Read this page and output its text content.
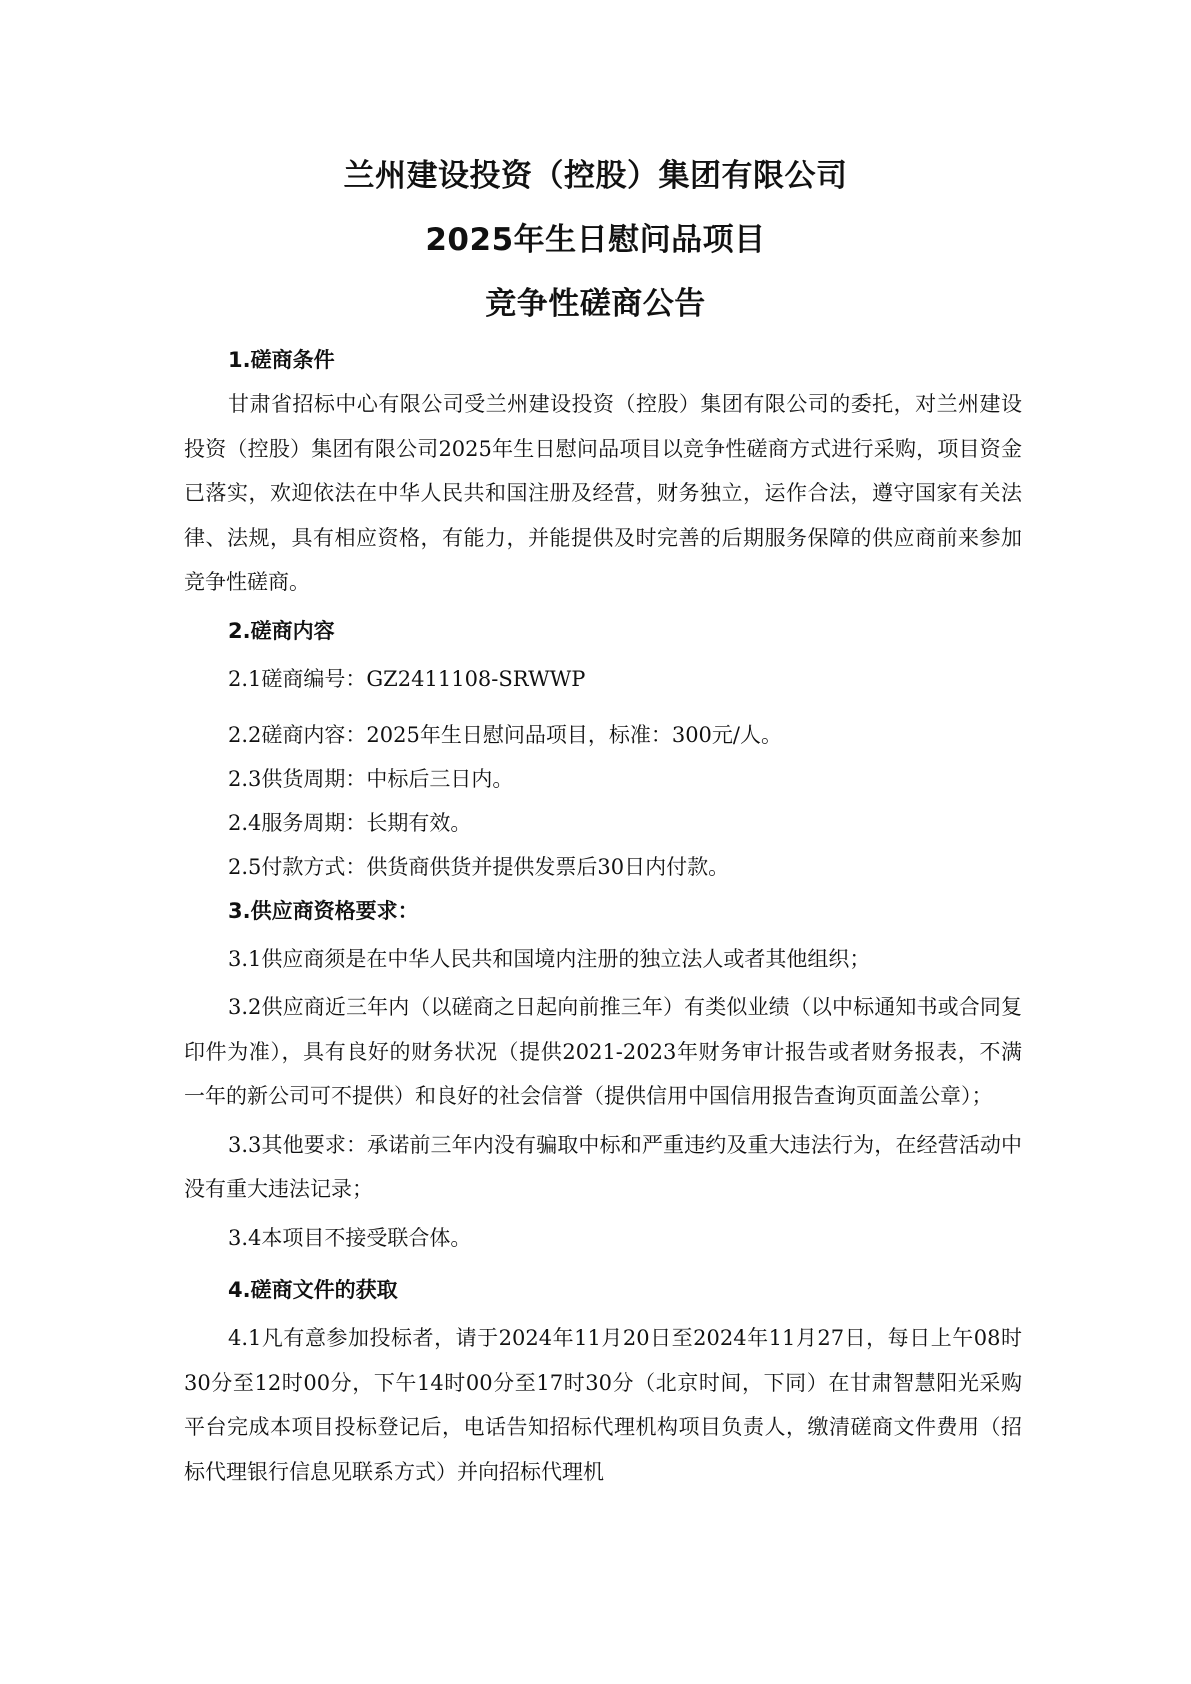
兰州建设投资（控股）集团有限公司
2025年生日慰问品项目
竞争性磋商公告
1.磋商条件

甘肃省招标中心有限公司受兰州建设投资（控股）集团有限公司的委托，对兰州建设投资（控股）集团有限公司2025年生日慰问品项目以竞争性磋商方式进行采购，项目资金已落实，欢迎依法在中华人民共和国注册及经营，财务独立，运作合法，遵守国家有关法律、法规，具有相应资格，有能力，并能提供及时完善的后期服务保障的供应商前来参加竞争性磋商。

2.磋商内容

2.1磋商编号：GZ2411108-SRWWP

2.2磋商内容：2025年生日慰问品项目，标准：300元/人。

2.3供货周期：中标后三日内。

2.4服务周期：长期有效。

2.5付款方式：供货商供货并提供发票后30日内付款。

3.供应商资格要求：

3.1供应商须是在中华人民共和国境内注册的独立法人或者其他组织；

3.2供应商近三年内（以磋商之日起向前推三年）有类似业绩（以中标通知书或合同复印件为准），具有良好的财务状况（提供2021-2023年财务审计报告或者财务报表，不满一年的新公司可不提供）和良好的社会信誉（提供信用中国信用报告查询页面盖公章）；

3.3其他要求：承诺前三年内没有骗取中标和严重违约及重大违法行为，在经营活动中没有重大违法记录；

3.4本项目不接受联合体。

4.磋商文件的获取

4.1凡有意参加投标者，请于2024年11月20日至2024年11月27日，每日上午08时30分至12时00分，下午14时00分至17时30分（北京时间，下同）在甘肃智慧阳光采购平台完成本项目投标登记后，电话告知招标代理机构项目负责人，缴清磋商文件费用（招标代理银行信息见联系方式）并向招标代理机
